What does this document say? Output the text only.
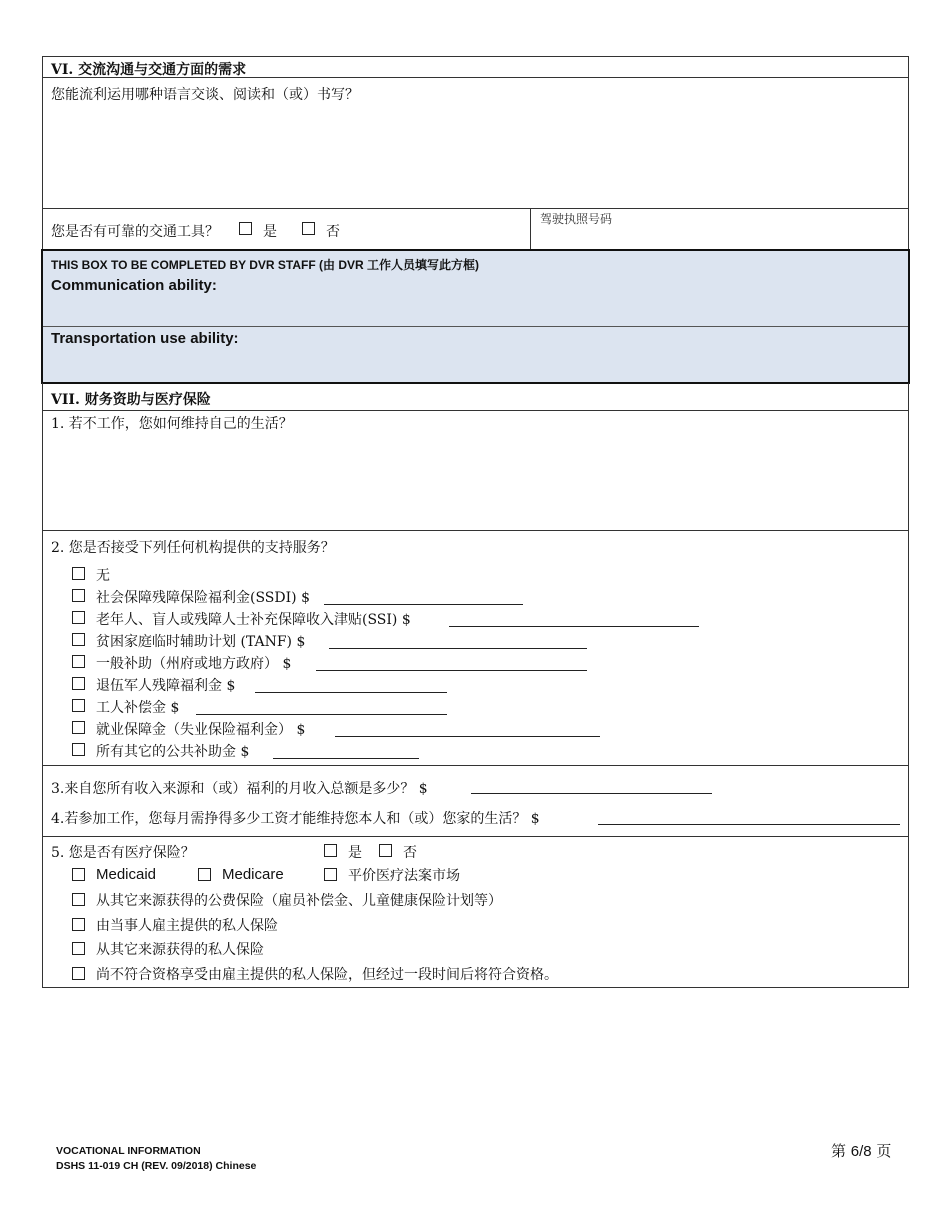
VI. 交流沟通与交通方面的需求
您能流利运用哪种语言交谈、阅读和（或）书写？
您是否有可靠的交通工具？	是	否
驾驶执照号码
THIS BOX TO BE COMPLETED BY DVR STAFF (由 DVR 工作人员填写此方框)
Communication ability:
Transportation use ability:
VII. 财务资助与医疗保险
1. 若不工作，您如何维持自己的生活？
2. 您是否接受下列任何机构提供的支持服务？
无
社会保障残障保险福利金(SSDI) $
老年人、盲人或残障人士补充保障收入津贴(SSI) $
贫困家庭临时辅助计划 (TANF) $
一般补助（州府或地方政府） $
退伍军人残障福利金 $
工人补偿金 $
就业保障金（失业保险福利金） $
所有其它的公共补助金 $
3.来自您所有收入来源和（或）福利的月收入总额是多少？ $
4.若参加工作，您每月需挣得多少工资才能维持您本人和（或）您家的生活？ $
5. 您是否有医疗保险？	是	否
Medicaid	Medicare	平价医疗法案市场
从其它来源获得的公费保险（雇员补偿金、儿童健康保险计划等）
由当事人雇主提供的私人保险
从其它来源获得的私人保险
尚不符合资格享受由雇主提供的私人保险，但经过一段时间后将符合资格。
VOCATIONAL INFORMATION
DSHS 11-019 CH (REV. 09/2018) Chinese
第 6/8 页
